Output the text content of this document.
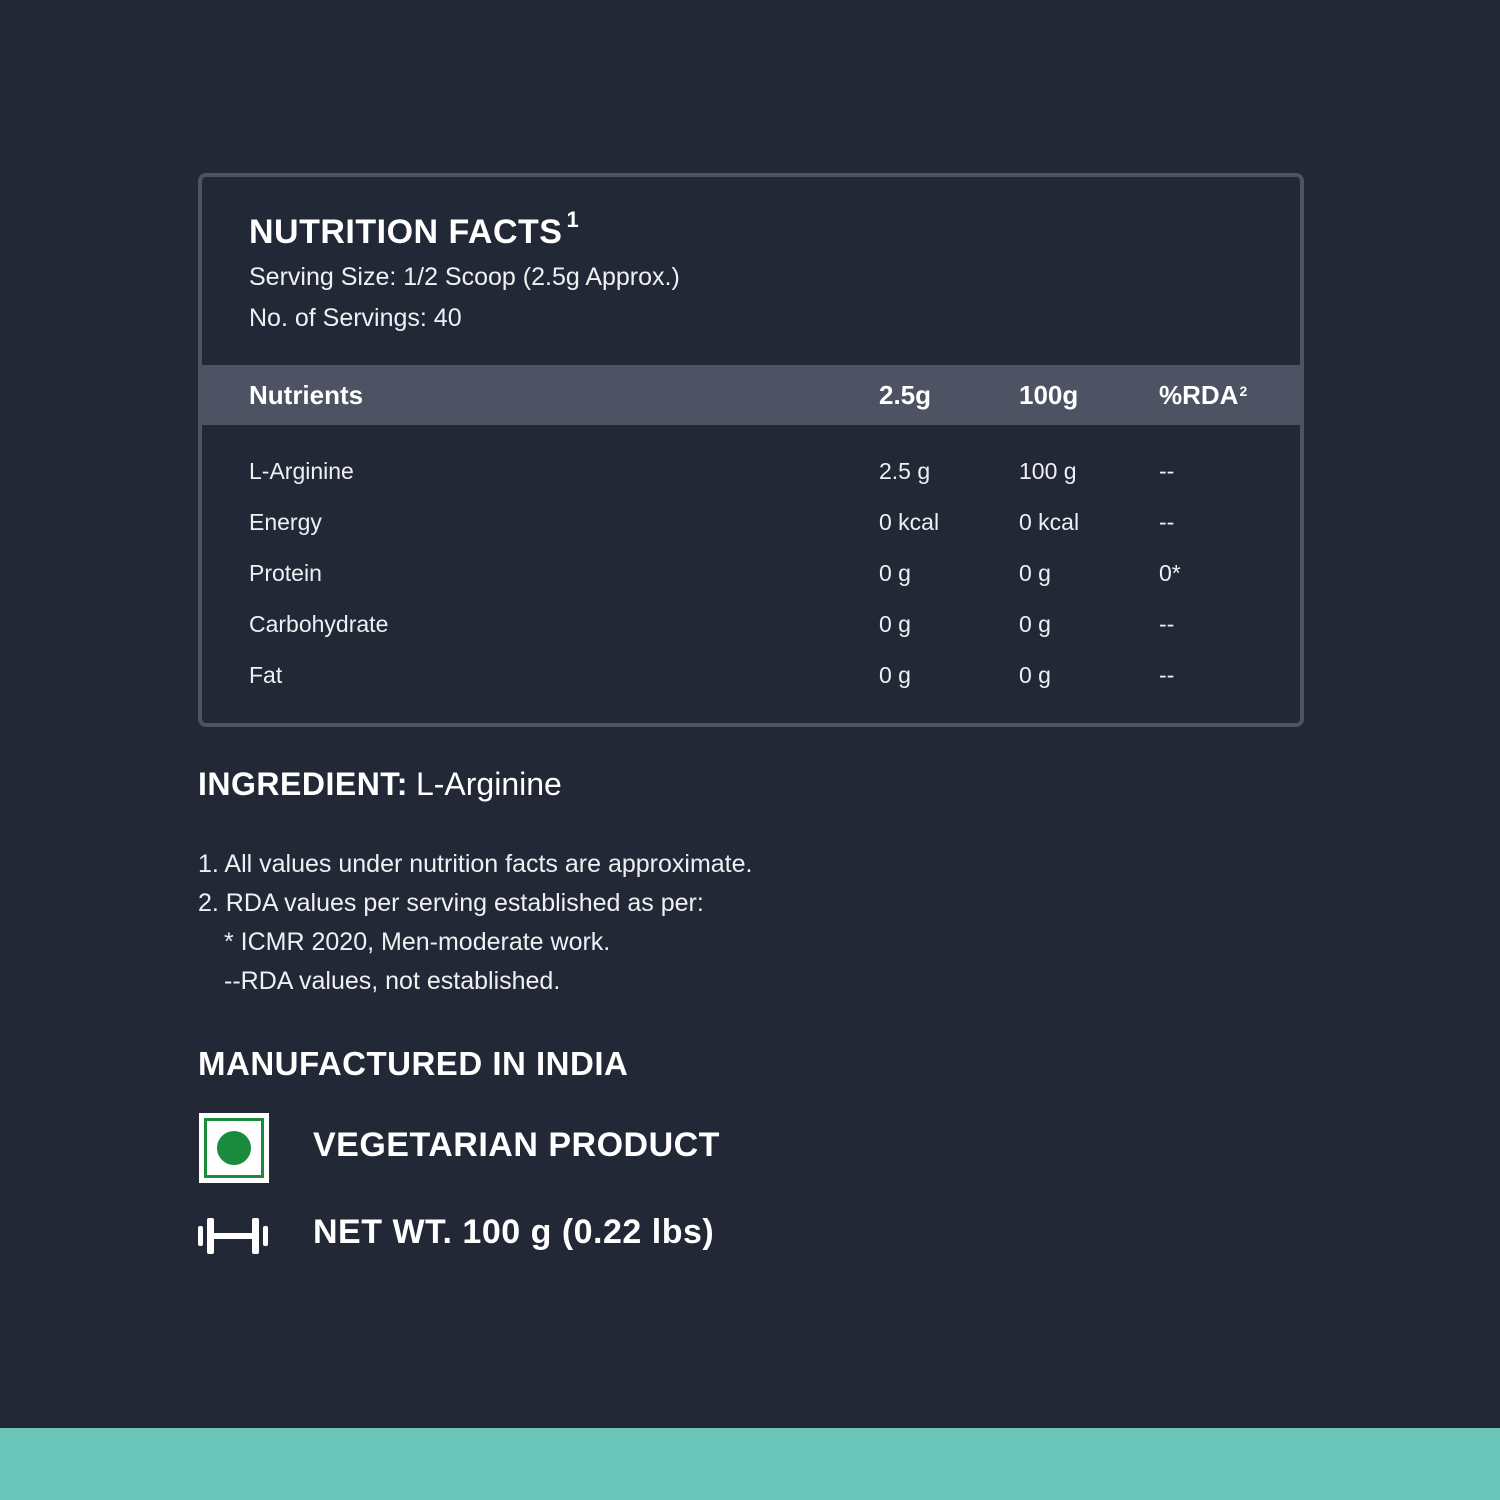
NUTRITION FACTS $^1$
Serving Size: 1/2 Scoop (2.5g Approx.)
No. of Servings: 40
Nutrients	2.5g	100g	%RDA$^2$
L-Arginine	2.5 g	100 g	--
Energy	0 kcal	0 kcal	--
Protein	0 g	0 g	0*
Carbohydrate	0 g	0 g	--
Fat	0 g	0 g	--
INGREDIENT: L-Arginine
1. All values under nutrition facts are approximate.
2. RDA values per serving established as per:
* ICMR 2020, Men-moderate work.
--RDA values, not established.
MANUFACTURED IN INDIA
VEGETARIAN PRODUCT
NET WT. 100 g (0.22 lbs)
